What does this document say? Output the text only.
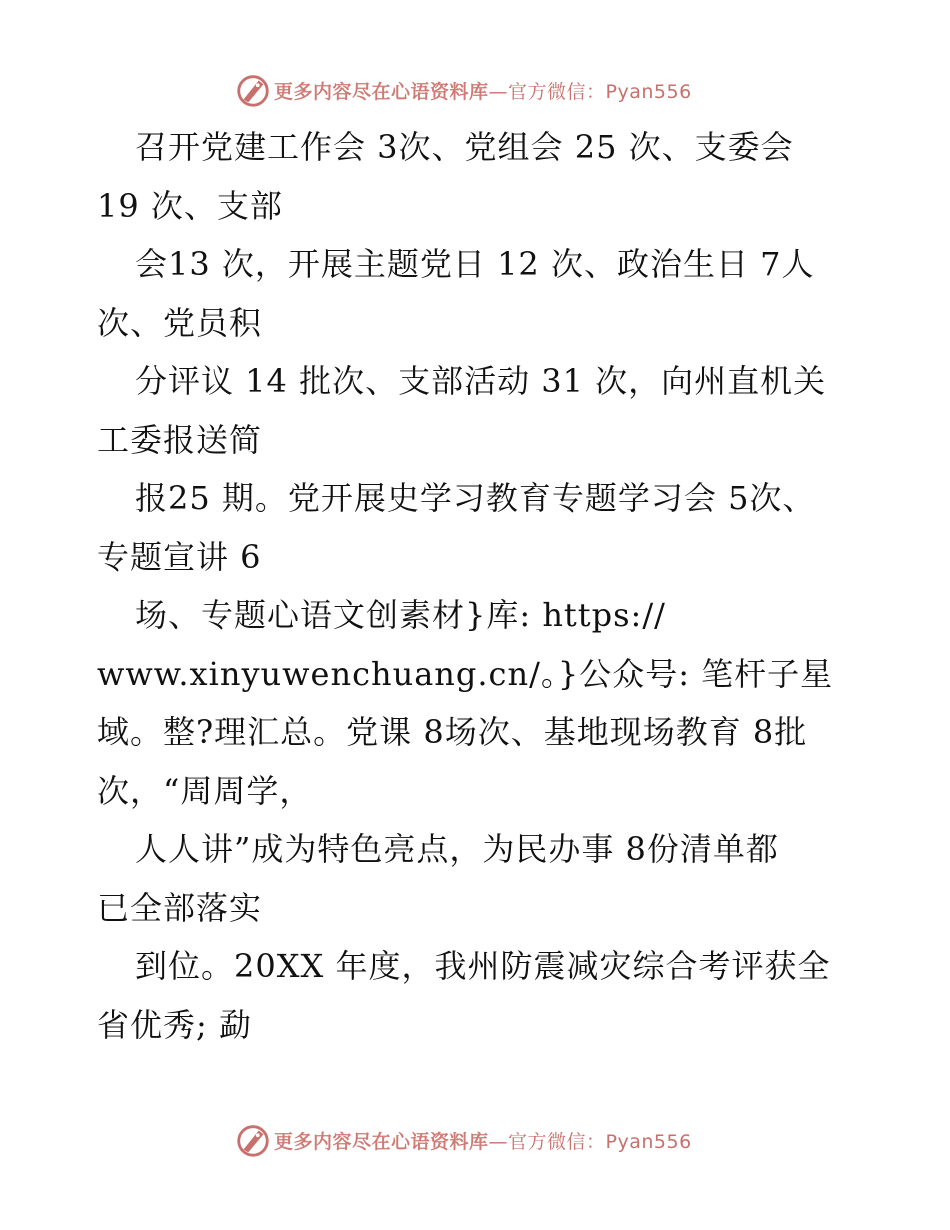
更多内容尽在心语资料库—官方微信：Pyan556
召开党建工作会 3次、党组会 25 次、支委会
19 次、支部
会13 次，开展主题党日 12 次、政治生日 7人
次、党员积
分评议 14 批次、支部活动 31 次，向州直机关
工委报送简
报25 期。党开展史学习教育专题学习会 5次、
专题宣讲 6
场、专题心语文创素材}库: https://
www.xinyuwenchuang.cn/。}公众号: 笔杆子星
域。整?理汇总。党课 8场次、基地现场教育 8批
次，“周周学，
人人讲”成为特色亮点，为民办事 8份清单都
已全部落实
到位。20XX 年度，我州防震减灾综合考评获全
省优秀; 勐
更多内容尽在心语资料库—官方微信：Pyan556
